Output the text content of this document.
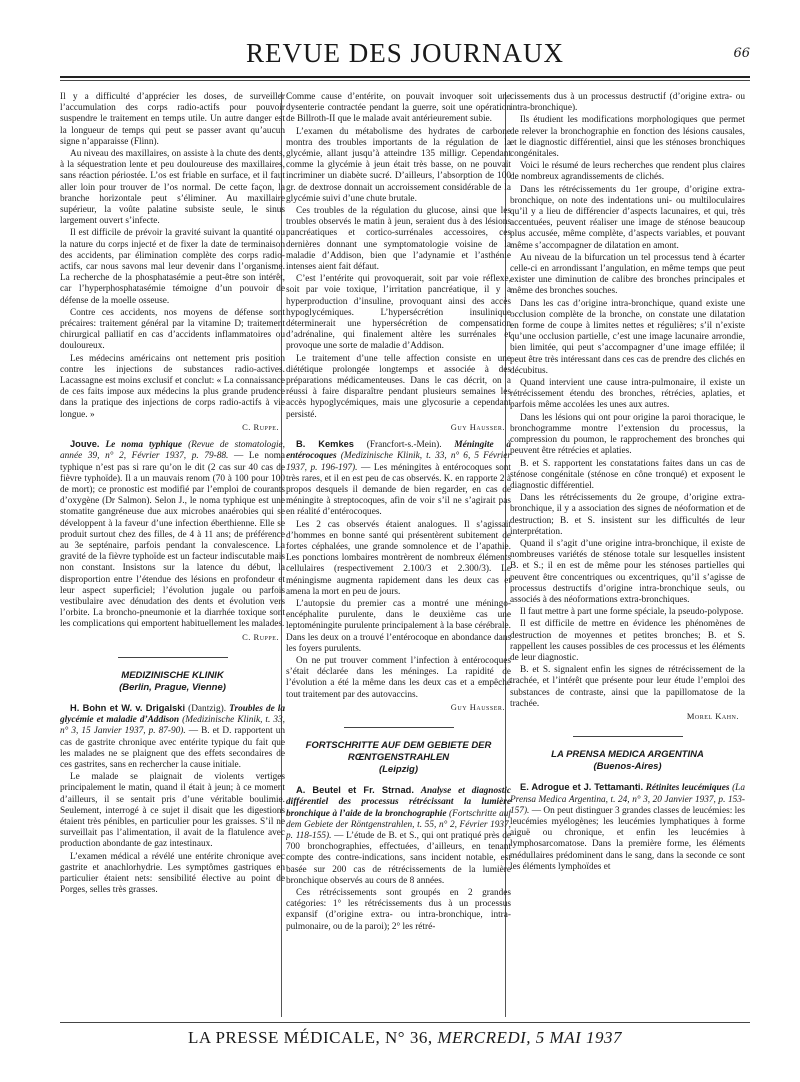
REVUE DES JOURNAUX	66

Il y a difficulté d’apprécier les doses, de surveiller l’accumulation des corps radio-actifs pour pouvoir suspendre le traitement en temps utile. Un autre danger est la longueur de temps qui peut se passer avant qu’aucun signe n’apparaisse (Flinn).

Au niveau des maxillaires, on assiste à la chute des dents, à la séquestration lente et peu douloureuse des maxillaires, sans réaction périostée. L’os est friable en surface, et il faut aller loin pour trouver de l’os normal. De cette façon, la branche horizontale peut s’éliminer. Au maxillaire supérieur, la voûte palatine subsiste seule, le sinus largement ouvert s’infecte.

Il est difficile de prévoir la gravité suivant la quantité ou la nature du corps injecté et de fixer la date de terminaison des accidents, par élimination complète des corps radio-actifs, car nous savons mal leur devenir dans l’organisme. La recherche de la phosphatasémie a peut-être son intérêt, car l’hyperphosphatasémie témoigne d’un pouvoir de défense de la moelle osseuse.

Contre ces accidents, nos moyens de défense sont précaires: traitement général par la vitamine D; traitement chirurgical palliatif en cas d’accidents inflammatoires ou douloureux.

Les médecins américains ont nettement pris position contre les injections de substances radio-actives. Lacassagne est moins exclusif et conclut: « La connaissance de ces faits impose aux médecins la plus grande prudence dans la pratique des injections de corps radio-actifs à vie longue. »

C. Ruppe.

Jouve. Le noma typhique (Revue de stomatologie, année 39, n° 2, Février 1937, p. 79-88. — Le noma typhique n’est pas si rare qu’on le dit (2 cas sur 40 cas de fièvre typhoïde). Il a un mauvais renom (70 à 100 pour 100 de mort); ce pronostic est modifié par l’emploi de courants d’oxygène (Dr Salmon). Selon J., le noma typhique est une stomatite gangréneuse due aux microbes anaérobies qui se développent à la faveur d’une infection éberthienne. Elle se produit surtout chez des filles, de 4 à 11 ans; de préférence au 3e septénaire, parfois pendant la convalescence. La gravité de la fièvre typhoïde est un facteur indiscutable mais non constant. Insistons sur la latence du début, la disproportion entre l’étendue des lésions en profondeur et leur aspect superficiel; l’évolution jugale ou parfois vestibulaire avec dénudation des dents et évolution vers l’orbite. La broncho-pneumonie et la diarrhée toxique sont les complications qui emportent habituellement les malades.

C. Ruppe.
MEDIZINISCHE KLINIK
(Berlin, Prague, Vienne)

H. Bohn et W. v. Drigalski (Dantzig). Troubles de la glycémie et maladie d’Addison (Medizinische Klinik, t. 33, n° 3, 15 Janvier 1937, p. 87-90). — B. et D. rapportent un cas de gastrite chronique avec entérite typique du fait que les malades ne se plaignent que des effets secondaires de ces gastrites, sans en rechercher la cause initiale.

Le malade se plaignait de violents vertiges principalement le matin, quand il était à jeun; à ce moment d’ailleurs, il se sentait pris d’une véritable boulimie. Seulement, interrogé à ce sujet il disait que les digestions étaient très pénibles, en particulier pour les graisses. S’il ne surveillait pas l’alimentation, il avait de la flatulence avec production abondante de gaz intestinaux.

L’examen médical a révélé une entérite chronique avec gastrite et anachlorhydrie. Les symptômes gastriques en particulier étaient nets: sensibilité élective au point de Porges, selles très grasses.

Comme cause d’entérite, on pouvait invoquer soit une dysenterie contractée pendant la guerre, soit une opération de Billroth-II que le malade avait antérieurement subie.

L’examen du métabolisme des hydrates de carbone montra des troubles importants de la régulation de la glycémie, allant jusqu’à atteindre 135 milligr. Cependant comme la glycémie à jeun était très basse, on ne pouvait incriminer un diabète sucré. D’ailleurs, l’absorption de 100 gr. de dextrose donnait un accroissement considérable de la glycémie suivi d’une chute brutale.

Ces troubles de la régulation du glucose, ainsi que les troubles observés le matin à jeun, seraient dus à des lésions pancréatiques et cortico-surrénales accessoires, ces dernières donnant une symptomatologie voisine de la maladie d’Addison, bien que l’adynamie et l’asthénie intenses aient fait défaut.

C’est l’entérite qui provoquerait, soit par voie réflexe, soit par voie toxique, l’irritation pancréatique, il y a hyperproduction d’insuline, provoquant ainsi des accès hypoglycémiques. L’hypersécrétion insulinique déterminerait une hypersécrétion de compensation d’adrénaline, qui finalement altère les surrénales et provoque une sorte de maladie d’Addison.

Le traitement d’une telle affection consiste en une diététique prolongée longtemps et associée à des préparations médicamenteuses. Dans le cas décrit, on a réussi à faire disparaître pendant plusieurs semaines les accès hypoglycémiques, mais une glycosurie a cependant persisté.

Guy Hausser.

B. Kemkes (Francfort-s.-Mein). Méningite à entérocoques (Medizinische Klinik, t. 33, n° 6, 5 Février 1937, p. 196-197). — Les méningites à entérocoques sont très rares, et il en est peu de cas observés. K. en rapporte 2 à propos desquels il demande de bien regarder, en cas de méningite à streptocoques, afin de voir s’il ne s’agirait pas en réalité d’entérocoques.

Les 2 cas observés étaient analogues. Il s’agissait d’hommes en bonne santé qui présentèrent subitement de fortes céphalées, une grande somnolence et de l’apathie. Les ponctions lombaires montrèrent de nombreux éléments cellulaires (respectivement 2.100/3 et 2.300/3). Le méningisme augmenta rapidement dans les deux cas et amena la mort en peu de jours.

L’autopsie du premier cas a montré une méningo-encéphalite purulente, dans le deuxième cas une leptoméningite purulente principalement à la base cérébrale. Dans les deux on a trouvé l’entérocoque en abondance dans les foyers purulents.

On ne put trouver comment l’infection à entérocoques s’était déclarée dans les méninges. La rapidité de l’évolution a été la même dans les deux cas et a empêché tout traitement par des autovaccins.

Guy Hausser.
FORTSCHRITTE AUF DEM GEBIETE DER RŒNTGENSTRAHLEN
(Leipzig)

A. Beutel et Fr. Strnad. Analyse et diagnostic différentiel des processus rétrécissant la lumière bronchique à l’aide de la bronchographie (Fortschritte auf dem Gebiete der Röntgenstrahlen, t. 55, n° 2, Février 1937, p. 118-155). — L’étude de B. et S., qui ont pratiqué près de 700 bronchographies, effectuées, d’ailleurs, en tenant compte des contre-indications, sans incident notable, est basée sur 200 cas de rétrécissements de la lumière bronchique observés au cours de 8 années.

Ces rétrécissements sont groupés en 2 grandes catégories: 1° les rétrécissements dus à un processus expansif (d’origine extra- ou intra-bronchique, intra-pulmonaire, ou de la paroi); 2° les rétré-

cissements dus à un processus destructif (d’origine extra- ou intra-bronchique).

Ils étudient les modifications morphologiques que permet de relever la bronchographie en fonction des lésions causales, et le diagnostic différentiel, ainsi que les sténoses bronchiques congénitales.

Voici le résumé de leurs recherches que rendent plus claires de nombreux agrandissements de clichés.

Dans les rétrécissements du 1er groupe, d’origine extra-bronchique, on note des indentations uni- ou multiloculaires qu’il y a lieu de différencier d’aspects lacunaires, et qui, très accentuées, peuvent réaliser une image de sténose beaucoup plus accusée, même complète, d’aspects variables, et pouvant même s’accompagner de dilatation en amont.

Au niveau de la bifurcation un tel processus tend à écarter celle-ci en arrondissant l’angulation, en même temps que peut exister une diminution de calibre des bronches principales et même des bronches souches.

Dans les cas d’origine intra-bronchique, quand existe une occlusion complète de la bronche, on constate une dilatation en forme de coupe à limites nettes et régulières; s’il n’existe qu’une occlusion partielle, c’est une image lacunaire arrondie, bien limitée, qui peut s’accompagner d’une image effilée; il peut être très intéressant dans ces cas de prendre des clichés en décubitus.

Quand intervient une cause intra-pulmonaire, il existe un rétrécissement étendu des bronches, rétrécies, aplaties, et parfois même accolées les unes aux autres.

Dans les lésions qui ont pour origine la paroi thoracique, le bronchogramme montre l’extension du processus, la compression du poumon, le rapprochement des bronches qui peuvent être rétrécies et aplaties.

B. et S. rapportent les constatations faites dans un cas de sténose congénitale (sténose en cône tronqué) et exposent le diagnostic différentiel.

Dans les rétrécissements du 2e groupe, d’origine extra-bronchique, il y a association des signes de néoformation et de destruction; B. et S. insistent sur les difficultés de leur interprétation.

Quand il s’agit d’une origine intra-bronchique, il existe de nombreuses variétés de sténose totale sur lesquelles insistent B. et S.; il en est de même pour les sténoses partielles qui peuvent être concentriques ou excentriques, qu’il s’agisse de processus destructifs d’origine intra-bronchique seuls, ou associés à des néoformations extra-bronchiques.

Il faut mettre à part une forme spéciale, la pseudo-polypose.

Il est difficile de mettre en évidence les phénomènes de destruction de moyennes et petites bronches; B. et S. rappellent les causes possibles de ces processus et les éléments de leur diagnostic.

B. et S. signalent enfin les signes de rétrécissement de la trachée, et l’intérêt que présente pour leur étude l’emploi des substances de contraste, ainsi que la papillomatose de la trachée.

Morel Kahn.
LA PRENSA MEDICA ARGENTINA
(Buenos-Aires)

E. Adrogue et J. Tettamanti. Rétinites leucémiques (La Prensa Medica Argentina, t. 24, n° 3, 20 Janvier 1937, p. 153-157). — On peut distinguer 3 grandes classes de leucémies: les leucémies myélogènes; les leucémies lymphatiques à forme aiguë ou chronique, et enfin les leucémies à lymphosarcomatose. Dans la première forme, les éléments médullaires prédominent dans le sang, dans la seconde ce sont les éléments lymphoïdes et

LA PRESSE MÉDICALE, N° 36, MERCREDI, 5 MAI 1937
